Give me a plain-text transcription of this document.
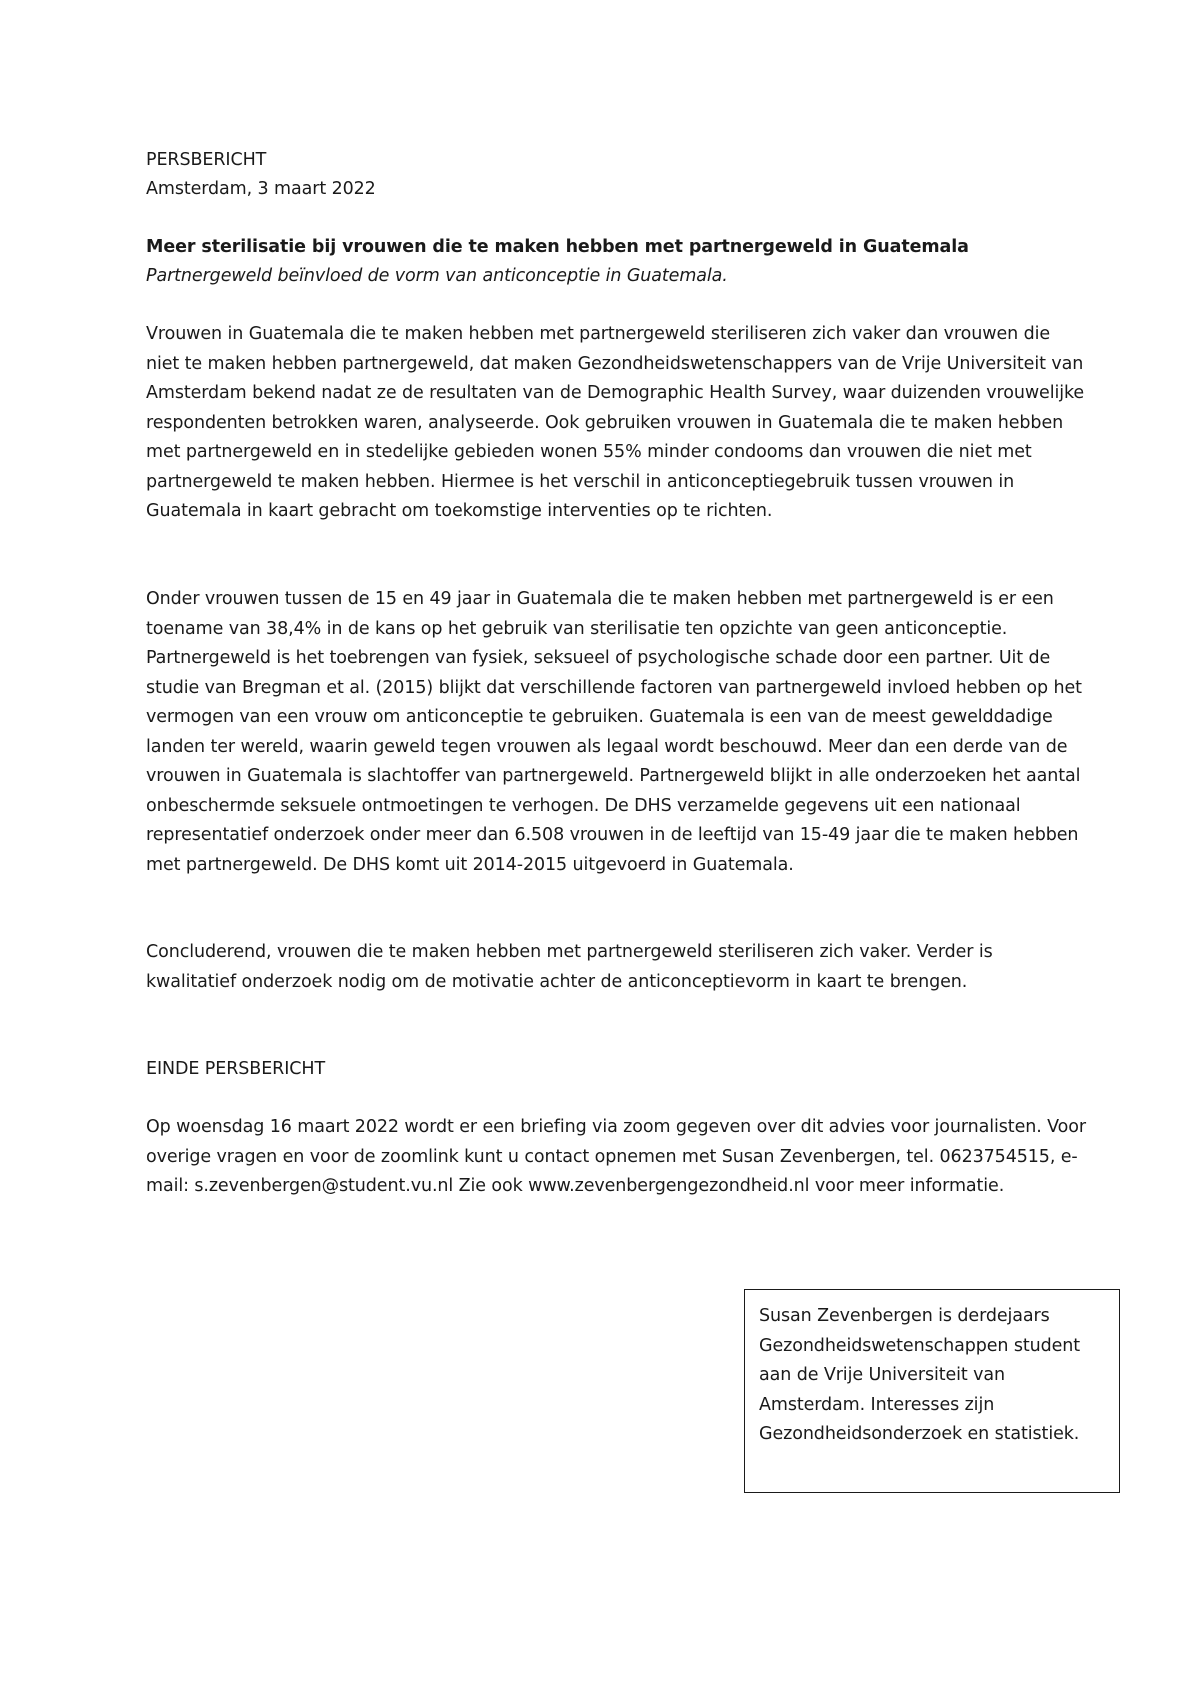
PERSBERICHT

Amsterdam, 3 maart 2022

Meer sterilisatie bij vrouwen die te maken hebben met partnergeweld in Guatemala

Partnergeweld beïnvloed de vorm van anticonceptie in Guatemala.

Vrouwen in Guatemala die te maken hebben met partnergeweld steriliseren zich vaker dan vrouwen die niet te maken hebben partnergeweld, dat maken Gezondheidswetenschappers van de Vrije Universiteit van Amsterdam bekend nadat ze de resultaten van de Demographic Health Survey, waar duizenden vrouwelijke respondenten betrokken waren, analyseerde. Ook gebruiken vrouwen in Guatemala die te maken hebben met partnergeweld en in stedelijke gebieden wonen 55% minder condooms dan vrouwen die niet met partnergeweld te maken hebben. Hiermee is het verschil in anticonceptiegebruik tussen vrouwen in Guatemala in kaart gebracht om toekomstige interventies op te richten.

Onder vrouwen tussen de 15 en 49 jaar in Guatemala die te maken hebben met partnergeweld is er een toename van 38,4% in de kans op het gebruik van sterilisatie ten opzichte van geen anticonceptie. Partnergeweld is het toebrengen van fysiek, seksueel of psychologische schade door een partner. Uit de studie van Bregman et al. (2015) blijkt dat verschillende factoren van partnergeweld invloed hebben op het vermogen van een vrouw om anticonceptie te gebruiken. Guatemala is een van de meest gewelddadige landen ter wereld, waarin geweld tegen vrouwen als legaal wordt beschouwd. Meer dan een derde van de vrouwen in Guatemala is slachtoffer van partnergeweld. Partnergeweld blijkt in alle onderzoeken het aantal onbeschermde seksuele ontmoetingen te verhogen. De DHS verzamelde gegevens uit een nationaal representatief onderzoek onder meer dan 6.508 vrouwen in de leeftijd van 15-49 jaar die te maken hebben met partnergeweld. De DHS komt uit 2014-2015 uitgevoerd in Guatemala.

Concluderend, vrouwen die te maken hebben met partnergeweld steriliseren zich vaker. Verder is kwalitatief onderzoek nodig om de motivatie achter de anticonceptievorm in kaart te brengen.

EINDE PERSBERICHT

Op woensdag 16 maart 2022 wordt er een briefing via zoom gegeven over dit advies voor journalisten. Voor overige vragen en voor de zoomlink kunt u contact opnemen met Susan Zevenbergen, tel. 0623754515, e-mail: s.zevenbergen@student.vu.nl Zie ook www.zevenbergengezondheid.nl voor meer informatie.

Susan Zevenbergen is derdejaars Gezondheidswetenschappen student aan de Vrije Universiteit van Amsterdam. Interesses zijn Gezondheidsonderzoek en statistiek.
